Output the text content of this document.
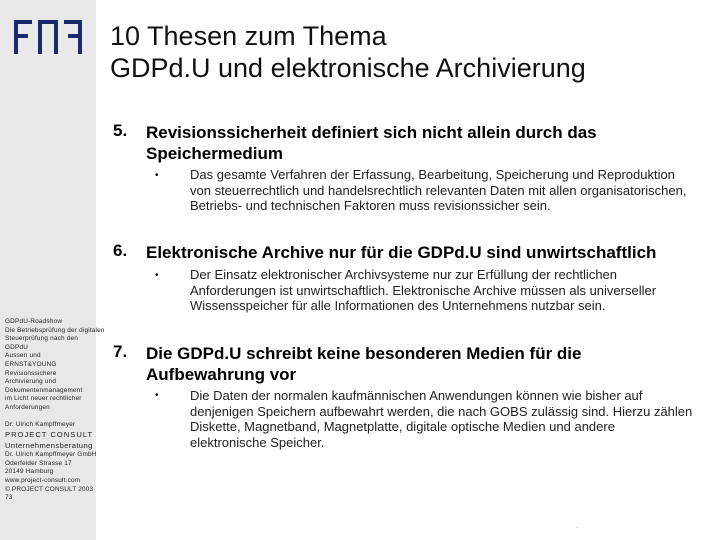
GDPdU-Roadshow
Die Betriebsprüfung der digitalen
Steuerprüfung nach den
GDPdU
Aussen und
ERNST&YOUNG
Revisionssichere
Archivierung und
Dokumentenmanagement
im Licht neuer rechtlicher
Anforderungen
Dr. Ulrich Kampffmeyer
PROJECT CONSULT
Unternehmensberatung
Dr. Ulrich Kampffmeyer GmbH
Oderfelder Strasse 17
20149 Hamburg
www.project-consult.com
© PROJECT CONSULT 2003
73
10 Thesen zum Thema
GDPd.U und elektronische Archivierung
5. Revisionssicherheit definiert sich nicht allein durch das Speichermedium
• Das gesamte Verfahren der Erfassung, Bearbeitung, Speicherung und Reproduktion von steuerrechtlich und handelsrechtlich relevanten Daten mit allen organisatorischen, Betriebs- und technischen Faktoren muss revisionssicher sein.
6. Elektronische Archive nur für die GDPd.U sind unwirtschaftlich
• Der Einsatz elektronischer Archivsysteme nur zur Erfüllung der rechtlichen Anforderungen ist unwirtschaftlich. Elektronische Archive müssen als universeller Wissensspeicher für alle Informationen des Unternehmens nutzbar sein.
7. Die GDPd.U schreibt keine besonderen Medien für die Aufbewahrung vor
• Die Daten der normalen kaufmännischen Anwendungen können wie bisher auf denjenigen Speichern aufbewahrt werden, die nach GOBS zulässig sind. Hierzu zählen Diskette, Magnetband, Magnetplatte, digitale optische Medien und andere elektronische Speicher.
.
